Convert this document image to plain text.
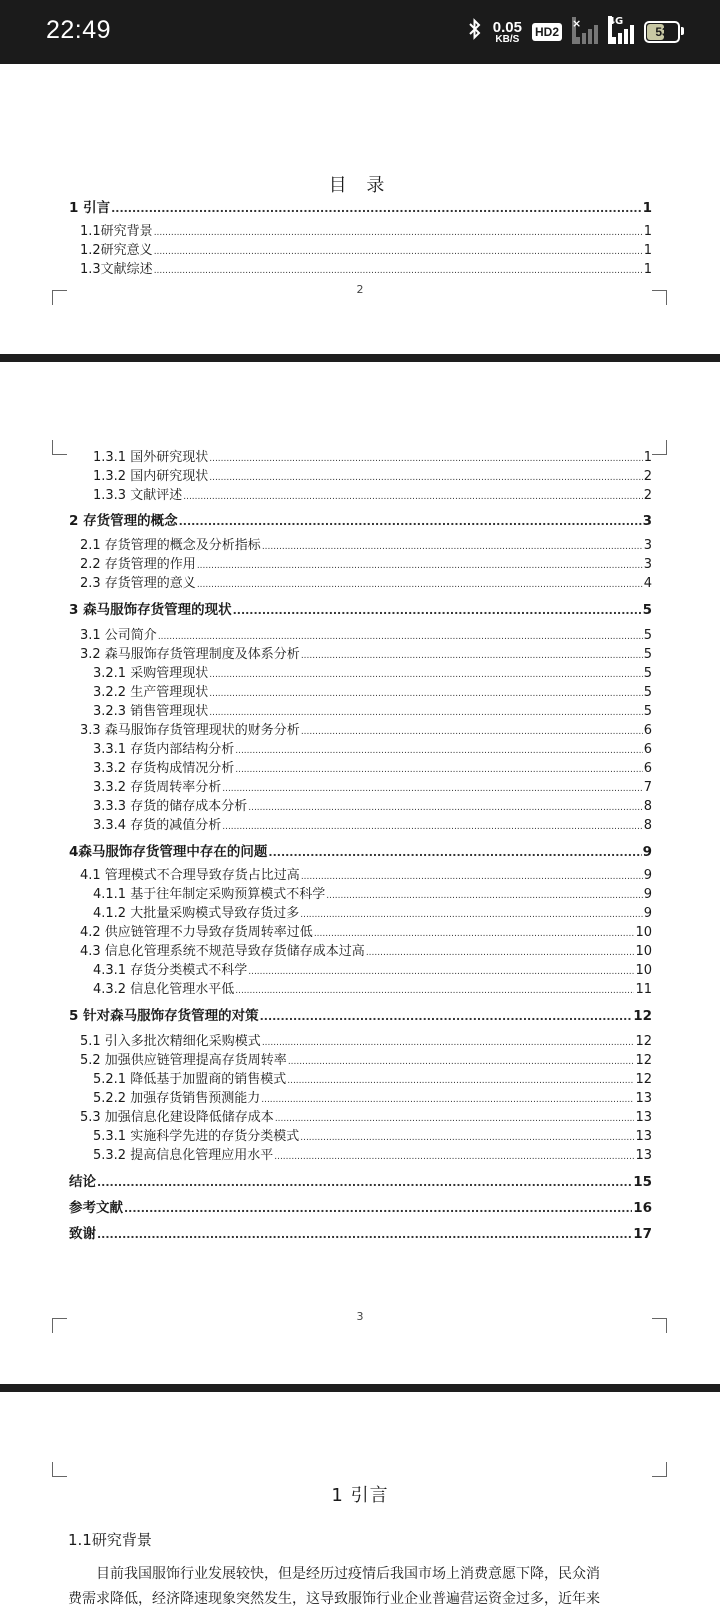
22:49	0.05
KB/S HD2
×	4G
53
目 录
1 引言 .....	1
1.1研究背景 .....	1
1.2研究意义 .....	1
1.3文献综述 .....	1
2
1.3.1 国外研究现状 .....	1
1.3.2 国内研究现状 .....	2
1.3.3 文献评述 .....	2
2 存货管理的概念 .....	3
2.1 存货管理的概念及分析指标 .....	3
2.2 存货管理的作用 .....	3
2.3 存货管理的意义 .....	4
3 森马服饰存货管理的现状 .....	5
3.1 公司简介 .....	5
3.2 森马服饰存货管理制度及体系分析 .....	5
3.2.1 采购管理现状 .....	5
3.2.2 生产管理现状 .....	5
3.2.3 销售管理现状 .....	5
3.3 森马服饰存货管理现状的财务分析 .....	6
3.3.1 存货内部结构分析 .....	6
3.3.2 存货构成情况分析 .....	6
3.3.2 存货周转率分析 .....	7
3.3.3 存货的储存成本分析 .....	8
3.3.4 存货的减值分析 .....	8
4森马服饰存货管理中存在的问题 .....	9
4.1 管理模式不合理导致存货占比过高 .....	9
4.1.1 基于往年制定采购预算模式不科学 .....	9
4.1.2 大批量采购模式导致存货过多 .....	9
4.2 供应链管理不力导致存货周转率过低 .....	10
4.3 信息化管理系统不规范导致存货储存成本过高 .....	10
4.3.1 存货分类模式不科学 .....	10
4.3.2 信息化管理水平低 .....	11
5 针对森马服饰存货管理的对策 .....	12
5.1 引入多批次精细化采购模式 .....	12
5.2 加强供应链管理提高存货周转率 .....	12
5.2.1 降低基于加盟商的销售模式 .....	12
5.2.2 加强存货销售预测能力 .....	13
5.3 加强信息化建设降低储存成本 .....	13
5.3.1 实施科学先进的存货分类模式 .....	13
5.3.2 提高信息化管理应用水平 .....	13
结论 .....	15
参考文献 .....	16
致谢 .....	17
3
1 引言
1.1研究背景
目前我国服饰行业发展较快，但是经历过疫情后我国市场上消费意愿下降，民众消
费需求降低，经济降速现象突然发生，这导致服饰行业企业普遍营运资金过多，近年来
